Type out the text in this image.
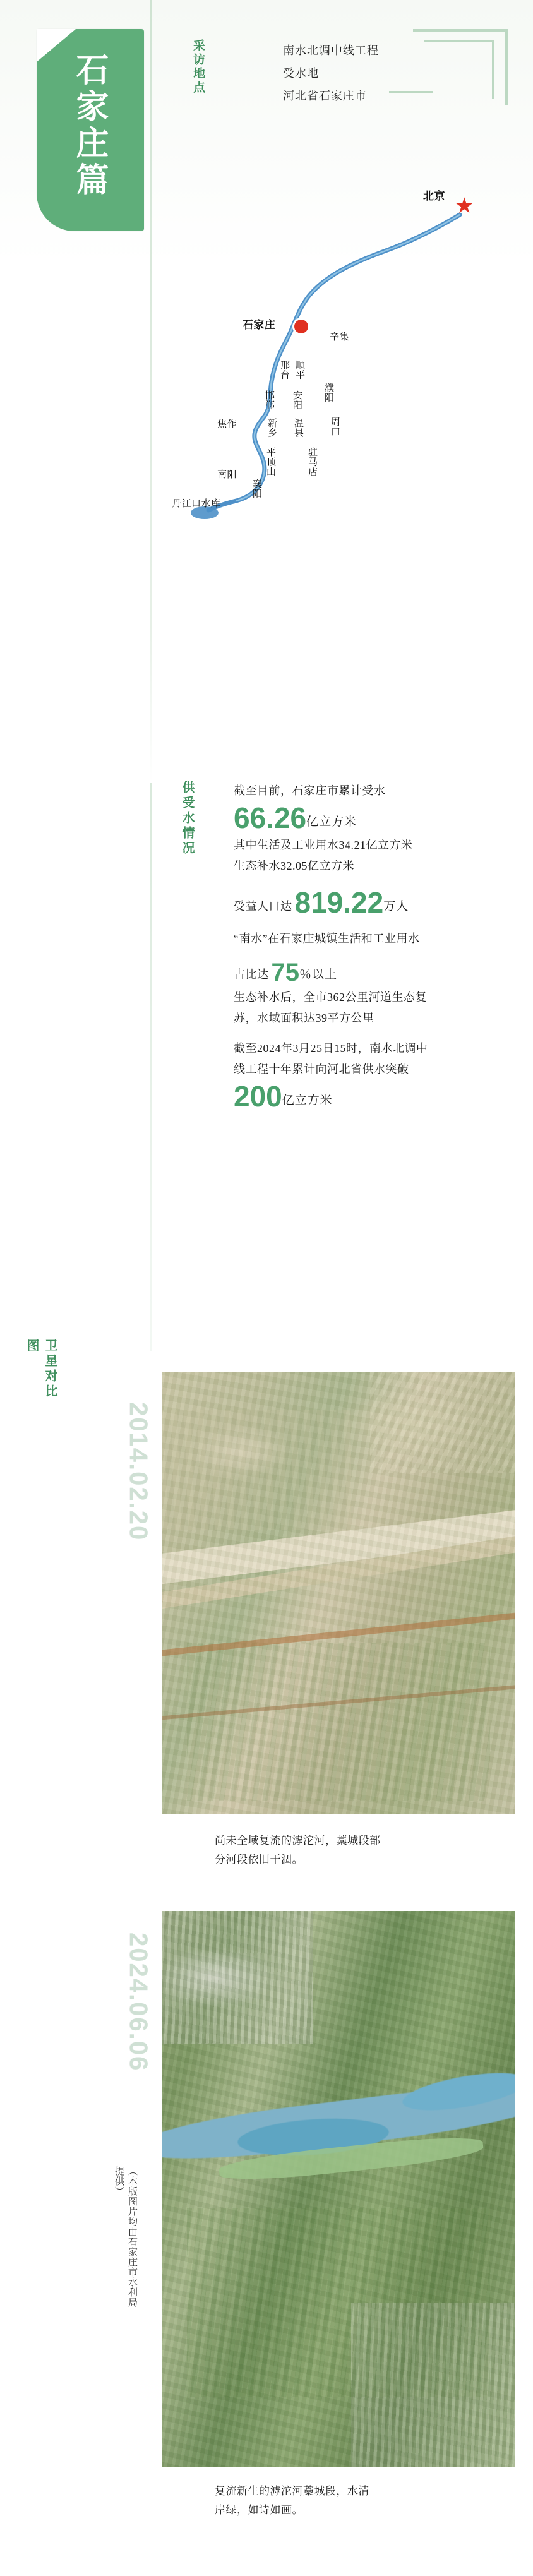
石家庄篇	采访地点	南水北调中线工程
受水地
河北省石家庄市
★
北京
石家庄
辛集
顺平
邯郸 安阳 濮阳
邢台
焦作	新乡 温县	周口
南阳	平顶山	驻马店
丹江口水库
襄阳
供受水情况	截至目前，石家庄市累计受水
66.26亿立方米
其中生活及工业用水34.21亿立方米
生态补水32.05亿立方米
受益人口达 819.22万人
“南水”在石家庄城镇生活和工业用水
占比达 75％以上
生态补水后，全市362公里河道生态复
苏，水域面积达39平方公里
截至2024年3月25日15时，南水北调中
线工程十年累计向河北省供水突破
200亿立方米
卫星对比图
2014.02.20
尚未全域复流的滹沱河，藁城段部
分河段依旧干涸。
2024.06.06
复流新生的滹沱河藁城段，水清
岸绿，如诗如画。
（本版图片均由石家庄市水利局提供）
